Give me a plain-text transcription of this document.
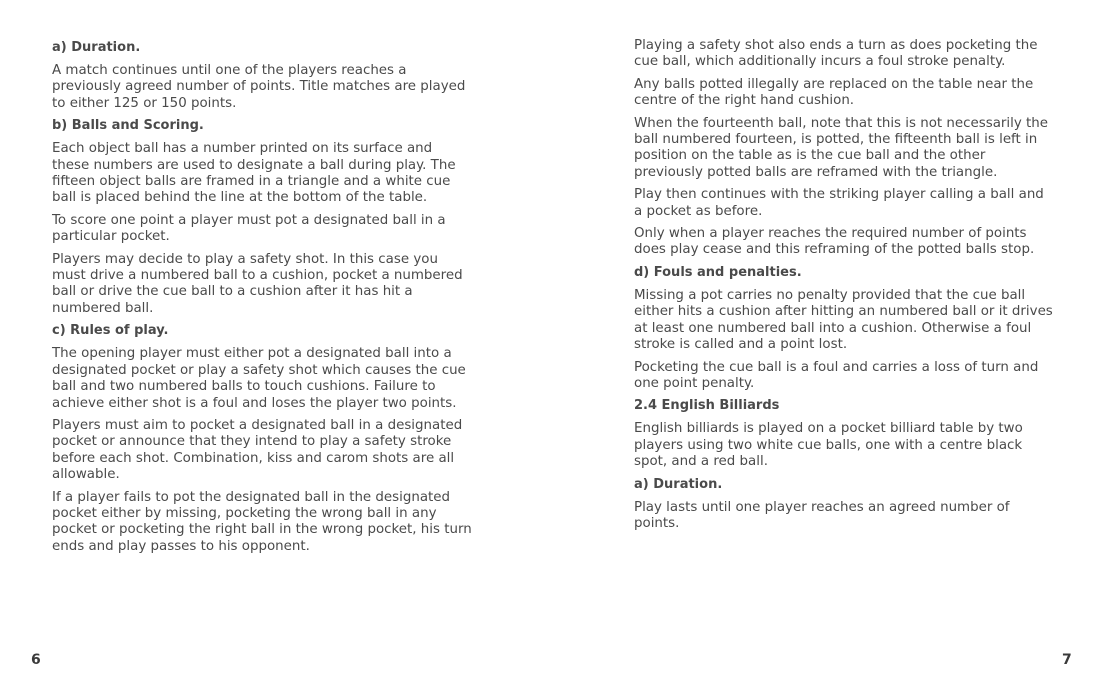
a) Duration.

A match continues until one of the players reaches a previously agreed number of points. Title matches are played to either 125 or 150 points.

b) Balls and Scoring.

Each object ball has a number printed on its surface and these numbers are used to designate a ball during play. The fifteen object balls are framed in a triangle and a white cue ball is placed behind the line at the bottom of the table.

To score one point a player must pot a designated ball in a particular pocket.

Players may decide to play a safety shot. In this case you must drive a numbered ball to a cushion, pocket a numbered ball or drive the cue ball to a cushion after it has hit a numbered ball.

c) Rules of play.

The opening player must either pot a designated ball into a designated pocket or play a safety shot which causes the cue ball and two numbered balls to touch cushions. Failure to achieve either shot is a foul and loses the player two points.

Players must aim to pocket a designated ball in a designated pocket or announce that they intend to play a safety stroke before each shot. Combination, kiss and carom shots are all allowable.

If a player fails to pot the designated ball in the designated pocket either by missing, pocketing the wrong ball in any pocket or pocketing the right ball in the wrong pocket, his turn ends and play passes to his opponent.

6

Playing a safety shot also ends a turn as does pocketing the cue ball, which additionally incurs a foul stroke penalty.

Any balls potted illegally are replaced on the table near the centre of the right hand cushion.

When the fourteenth ball, note that this is not necessarily the ball numbered fourteen, is potted, the fifteenth ball is left in position on the table as is the cue ball and the other previously potted balls are reframed with the triangle.

Play then continues with the striking player calling a ball and a pocket as before.

Only when a player reaches the required number of points does play cease and this reframing of the potted balls stop.

d) Fouls and penalties.

Missing a pot carries no penalty provided that the cue ball either hits a cushion after hitting an numbered ball or it drives at least one numbered ball into a cushion. Otherwise a foul stroke is called and a point lost.

Pocketing the cue ball is a foul and carries a loss of turn and one point penalty.

2.4 English Billiards

English billiards is played on a pocket billiard table by two players using two white cue balls, one with a centre black spot, and a red ball.

a) Duration.

Play lasts until one player reaches an agreed number of points.

7
